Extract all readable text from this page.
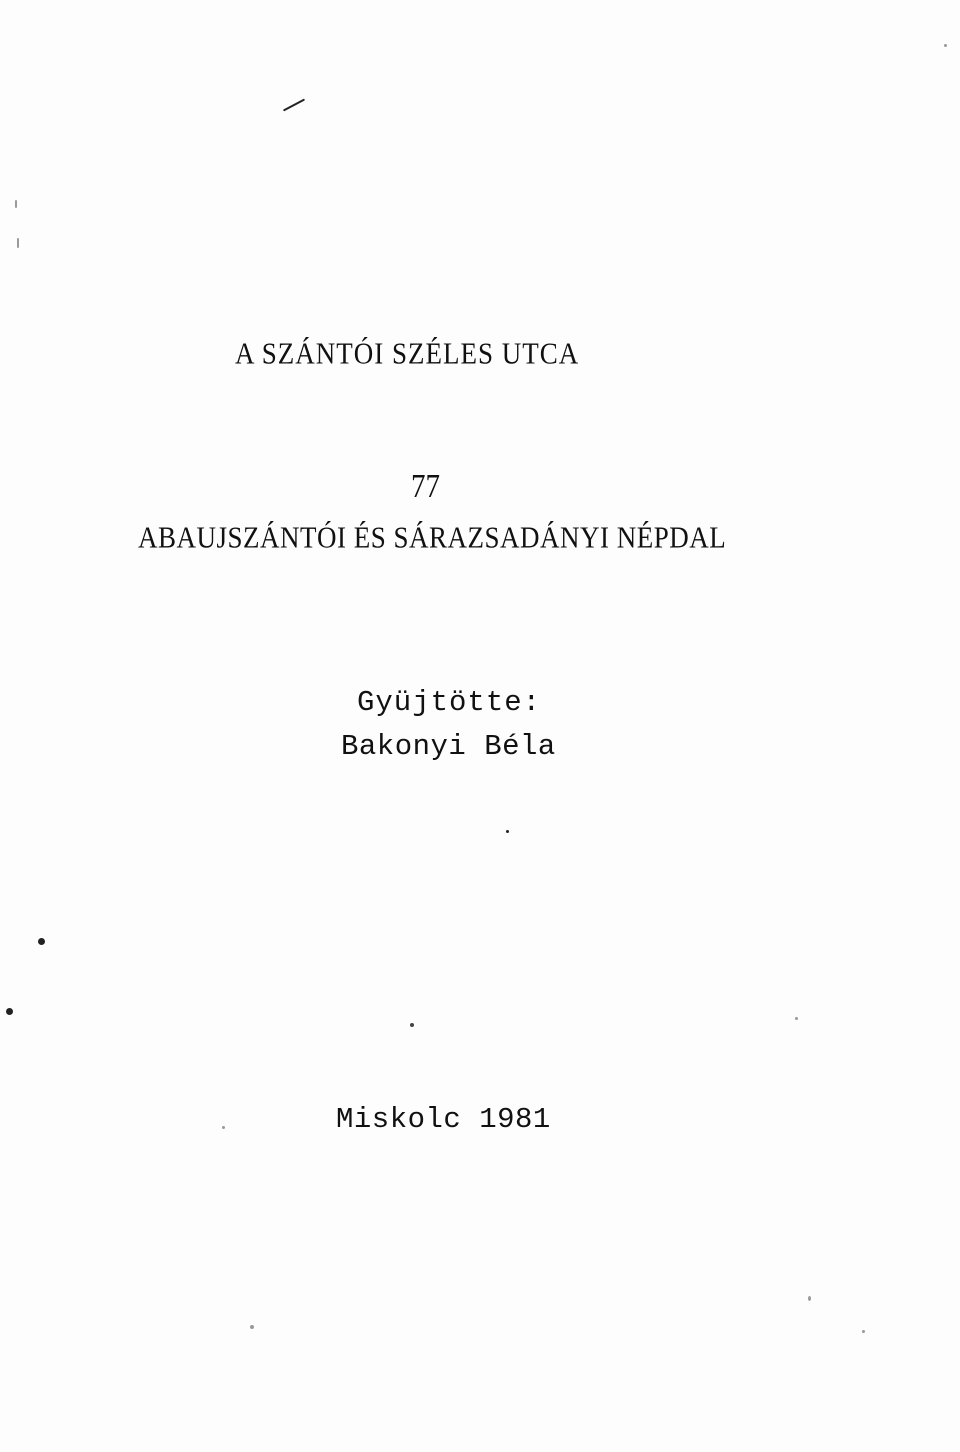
A SZÁNTÓI SZÉLES UTCA
77
ABAUJSZÁNTÓI ÉS SÁRAZSADÁNYI NÉPDAL
Gyüjtötte:
Bakonyi Béla
Miskolc 1981
